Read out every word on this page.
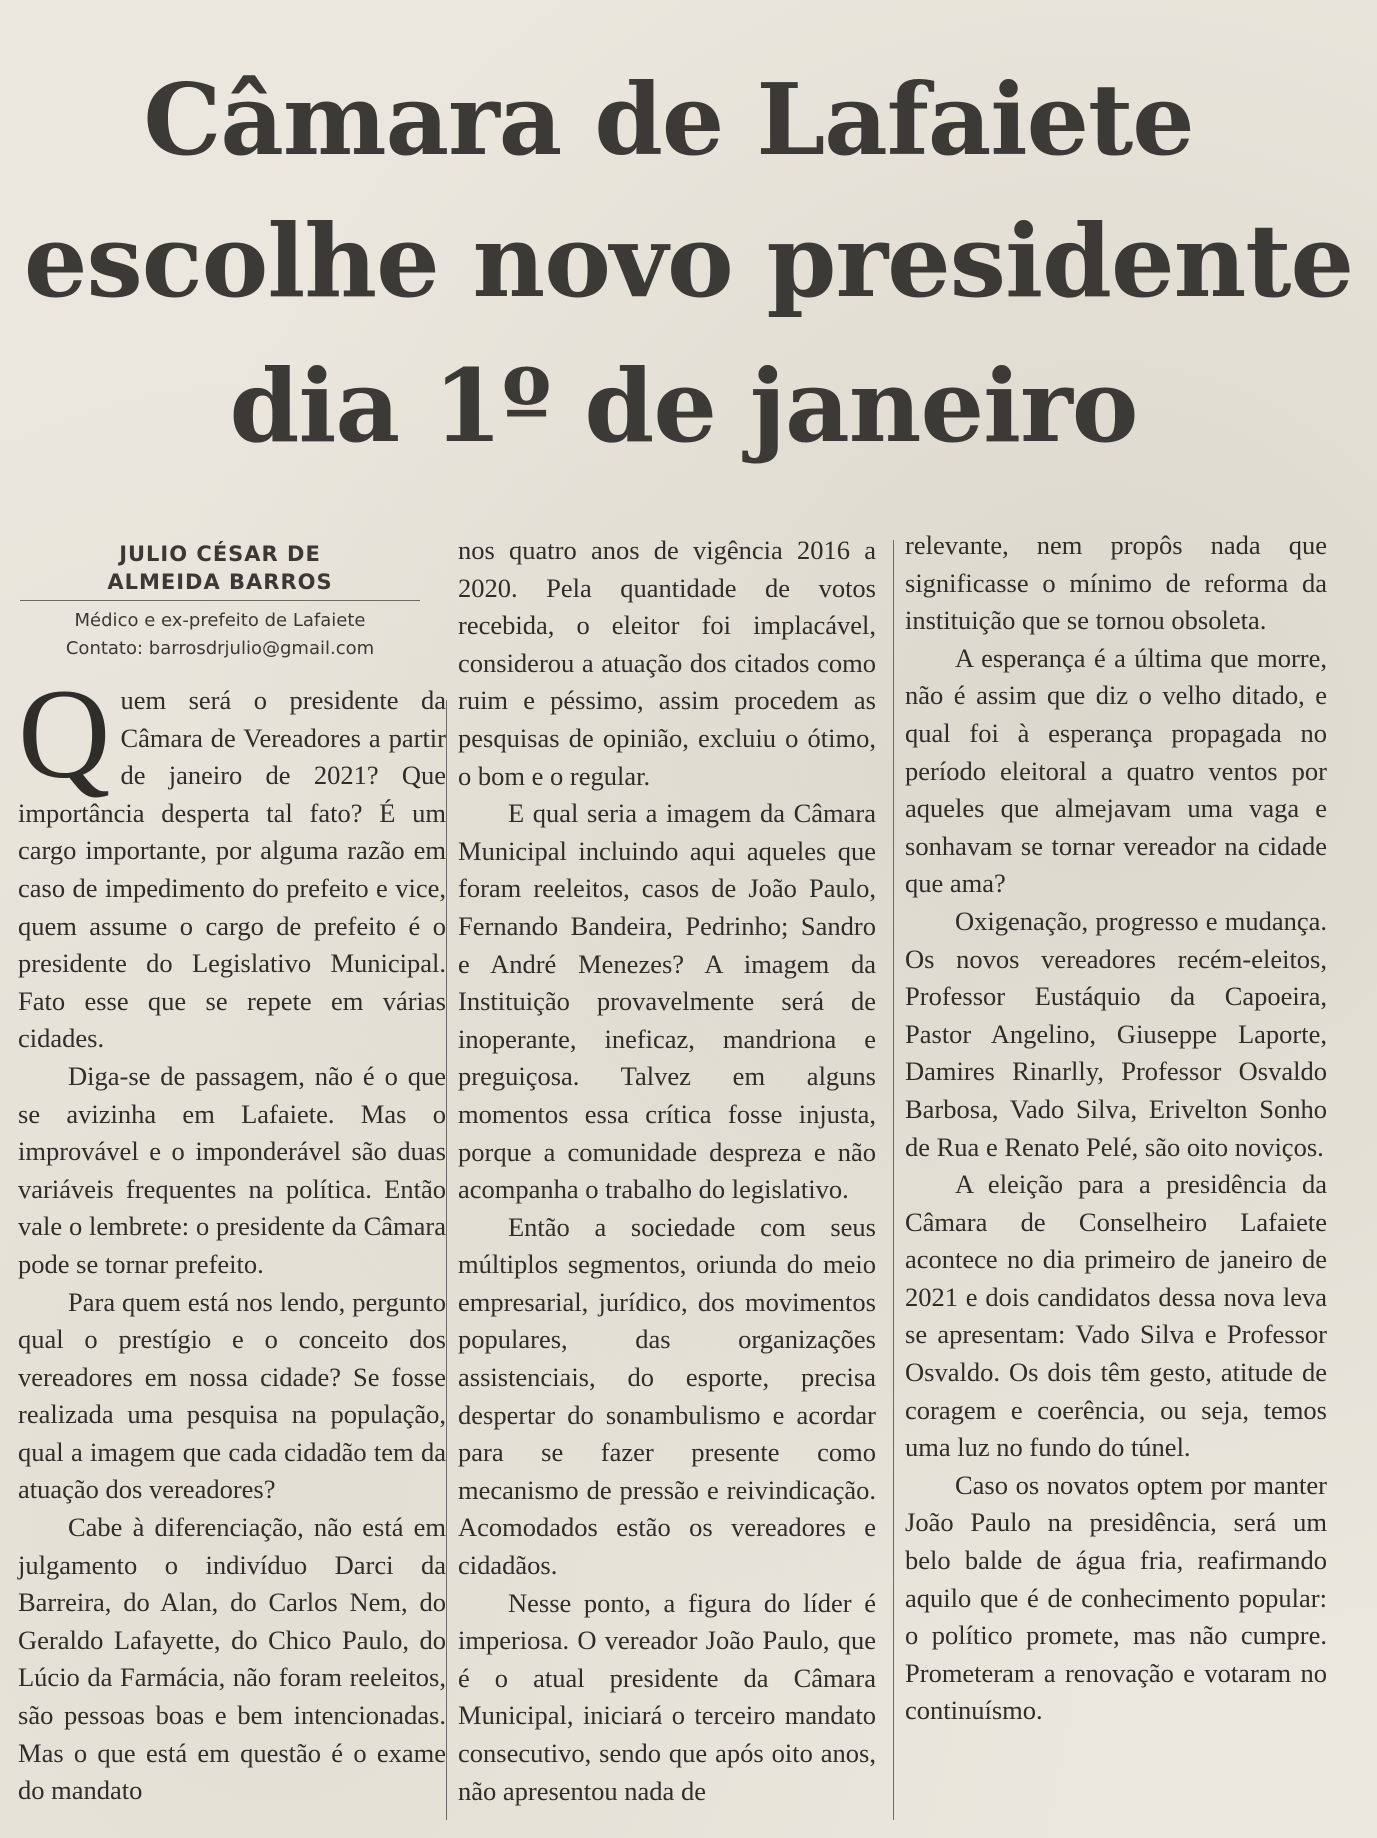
Câmara de Lafaiete
escolhe novo presidente
dia 1º de janeiro
JULIO CÉSAR DE
ALMEIDA BARROS
Médico e ex-prefeito de Lafaiete
Contato: barrosdrjulio@gmail.com

Quem será o presidente da Câmara de Vereadores a partir de janeiro de 2021? Que importância desperta tal fato? É um cargo importante, por alguma razão em caso de impedimento do prefeito e vice, quem assume o cargo de prefeito é o presidente do Legislativo Municipal. Fato esse que se repete em várias cidades.

Diga-se de passagem, não é o que se avizinha em Lafaiete. Mas o improvável e o imponderável são duas variáveis frequentes na política. Então vale o lembrete: o presidente da Câmara pode se tornar prefeito.

Para quem está nos lendo, pergunto qual o prestígio e o conceito dos vereadores em nossa cidade? Se fosse realizada uma pesquisa na população, qual a imagem que cada cidadão tem da atuação dos vereadores?

Cabe à diferenciação, não está em julgamento o indivíduo Darci da Barreira, do Alan, do Carlos Nem, do Geraldo Lafayette, do Chico Paulo, do Lúcio da Farmácia, não foram reeleitos, são pessoas boas e bem intencionadas. Mas o que está em questão é o exame do mandato

nos quatro anos de vigência 2016 a 2020. Pela quantidade de votos recebida, o eleitor foi implacável, considerou a atuação dos citados como ruim e péssimo, assim procedem as pesquisas de opinião, excluiu o ótimo, o bom e o regular.

E qual seria a imagem da Câmara Municipal incluindo aqui aqueles que foram reeleitos, casos de João Paulo, Fernando Bandeira, Pedrinho; Sandro e André Menezes? A imagem da Instituição provavelmente será de inoperante, ineficaz, mandriona e preguiçosa. Talvez em alguns momentos essa crítica fosse injusta, porque a comunidade despreza e não acompanha o trabalho do legislativo.

Então a sociedade com seus múltiplos segmentos, oriunda do meio empresarial, jurídico, dos movimentos populares, das organizações assistenciais, do esporte, precisa despertar do sonambulismo e acordar para se fazer presente como mecanismo de pressão e reivindicação. Acomodados estão os vereadores e cidadãos.

Nesse ponto, a figura do líder é imperiosa. O vereador João Paulo, que é o atual presidente da Câmara Municipal, iniciará o terceiro mandato consecutivo, sendo que após oito anos, não apresentou nada de

relevante, nem propôs nada que significasse o mínimo de reforma da instituição que se tornou obsoleta.

A esperança é a última que morre, não é assim que diz o velho ditado, e qual foi à esperança propagada no período eleitoral a quatro ventos por aqueles que almejavam uma vaga e sonhavam se tornar vereador na cidade que ama?

Oxigenação, progresso e mudança. Os novos vereadores recém-eleitos, Professor Eustáquio da Capoeira, Pastor Angelino, Giuseppe Laporte, Damires Rinarlly, Professor Osvaldo Barbosa, Vado Silva, Erivelton Sonho de Rua e Renato Pelé, são oito noviços.

A eleição para a presidência da Câmara de Conselheiro Lafaiete acontece no dia primeiro de janeiro de 2021 e dois candidatos dessa nova leva se apresentam: Vado Silva e Professor Osvaldo. Os dois têm gesto, atitude de coragem e coerência, ou seja, temos uma luz no fundo do túnel.

Caso os novatos optem por manter João Paulo na presidência, será um belo balde de água fria, reafirmando aquilo que é de conhecimento popular: o político promete, mas não cumpre. Prometeram a renovação e votaram no continuísmo.
